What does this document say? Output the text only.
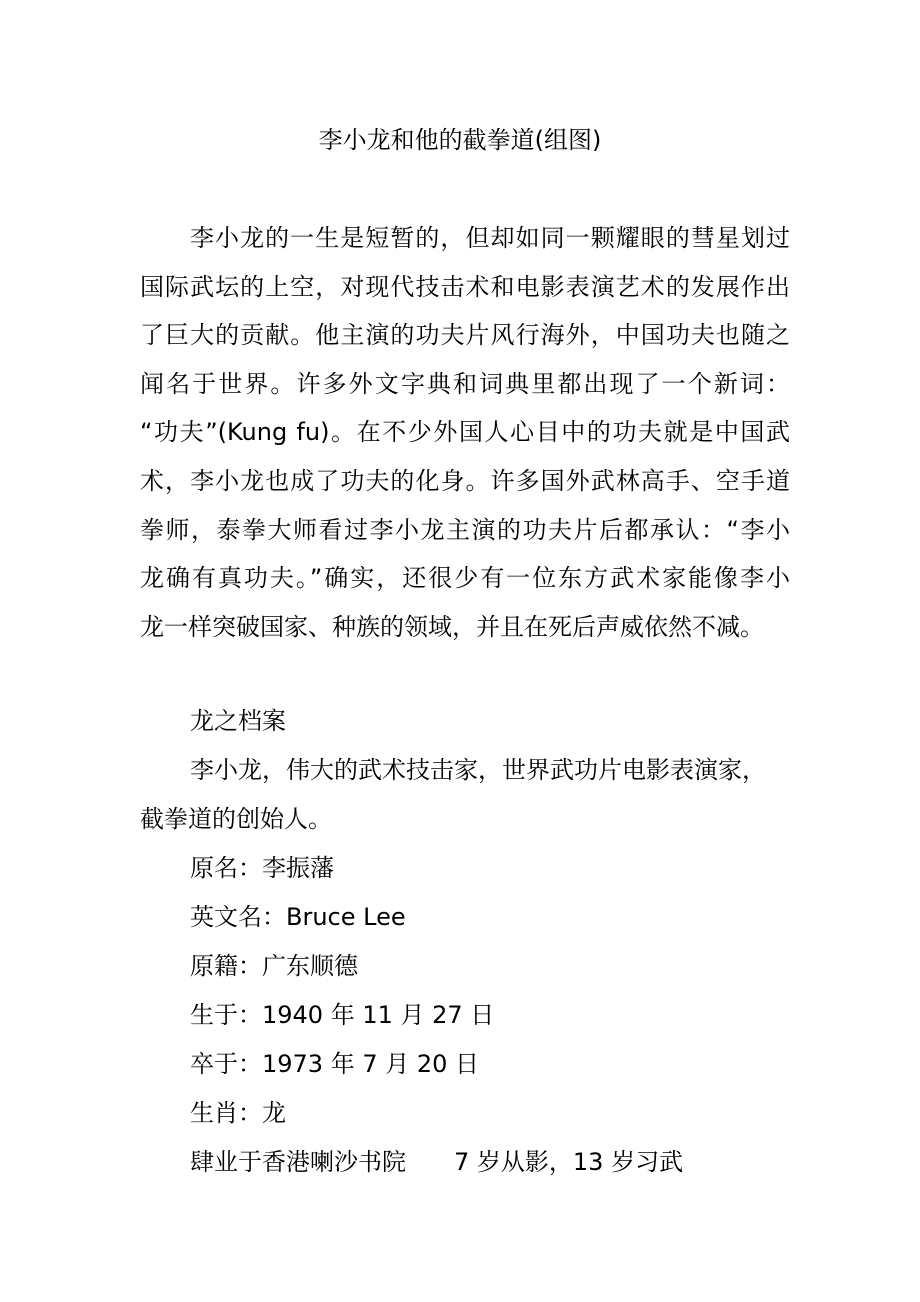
李小龙和他的截拳道(组图)
李小龙的一生是短暂的，但却如同一颗耀眼的彗星划过
国际武坛的上空，对现代技击术和电影表演艺术的发展作出
了巨大的贡献。他主演的功夫片风行海外，中国功夫也随之
闻名于世界。许多外文字典和词典里都出现了一个新词：
“功夫”(Kung fu)。在不少外国人心目中的功夫就是中国武
术，李小龙也成了功夫的化身。许多国外武林高手、空手道
拳师，泰拳大师看过李小龙主演的功夫片后都承认：“李小
龙确有真功夫。”确实，还很少有一位东方武术家能像李小
龙一样突破国家、种族的领域，并且在死后声威依然不减。
龙之档案
李小龙，伟大的武术技击家，世界武功片电影表演家，
截拳道的创始人。
原名：李振藩
英文名：Bruce Lee
原籍：广东顺德
生于：1940 年 11 月 27 日
卒于：1973 年 7 月 20 日
生肖：龙
肆业于香港喇沙书院 7 岁从影，13 岁习武
